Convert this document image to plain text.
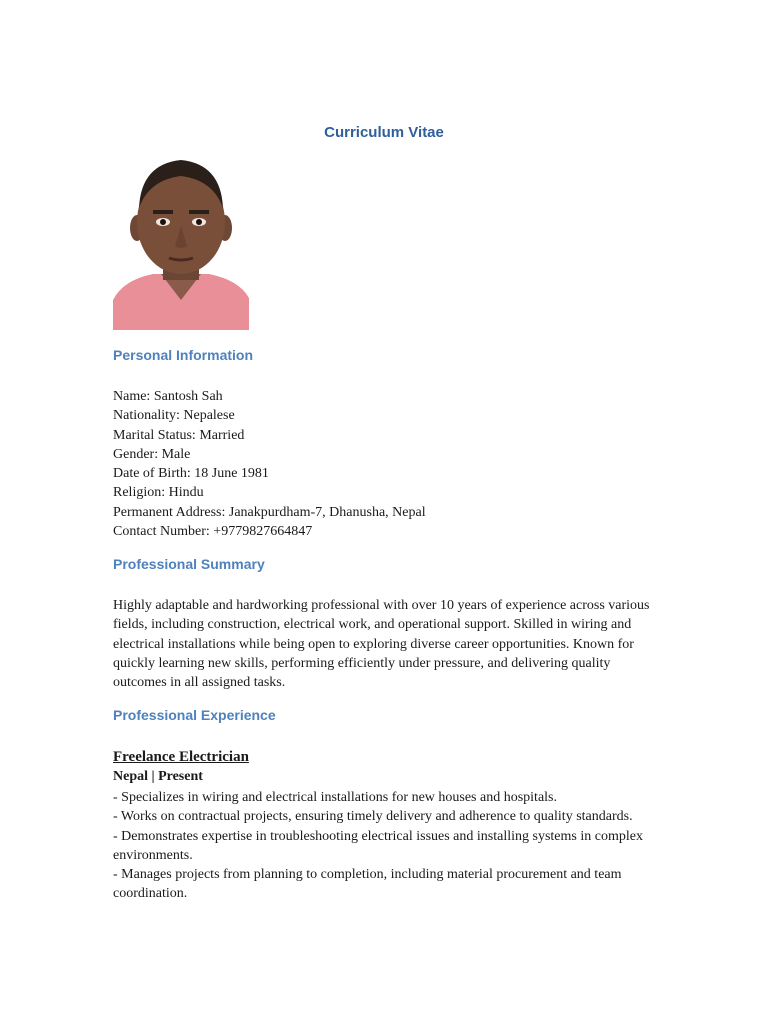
Curriculum Vitae
Personal Information
Name: Santosh Sah
Nationality: Nepalese
Marital Status: Married
Gender: Male
Date of Birth: 18 June 1981
Religion: Hindu
Permanent Address: Janakpurdham-7, Dhanusha, Nepal
Contact Number: +9779827664847
Professional Summary
Highly adaptable and hardworking professional with over 10 years of experience across various fields, including construction, electrical work, and operational support. Skilled in wiring and electrical installations while being open to exploring diverse career opportunities. Known for quickly learning new skills, performing efficiently under pressure, and delivering quality outcomes in all assigned tasks.
Professional Experience
Freelance Electrician
Nepal | Present
- Specializes in wiring and electrical installations for new houses and hospitals.
- Works on contractual projects, ensuring timely delivery and adherence to quality standards.
- Demonstrates expertise in troubleshooting electrical issues and installing systems in complex environments.
- Manages projects from planning to completion, including material procurement and team coordination.
